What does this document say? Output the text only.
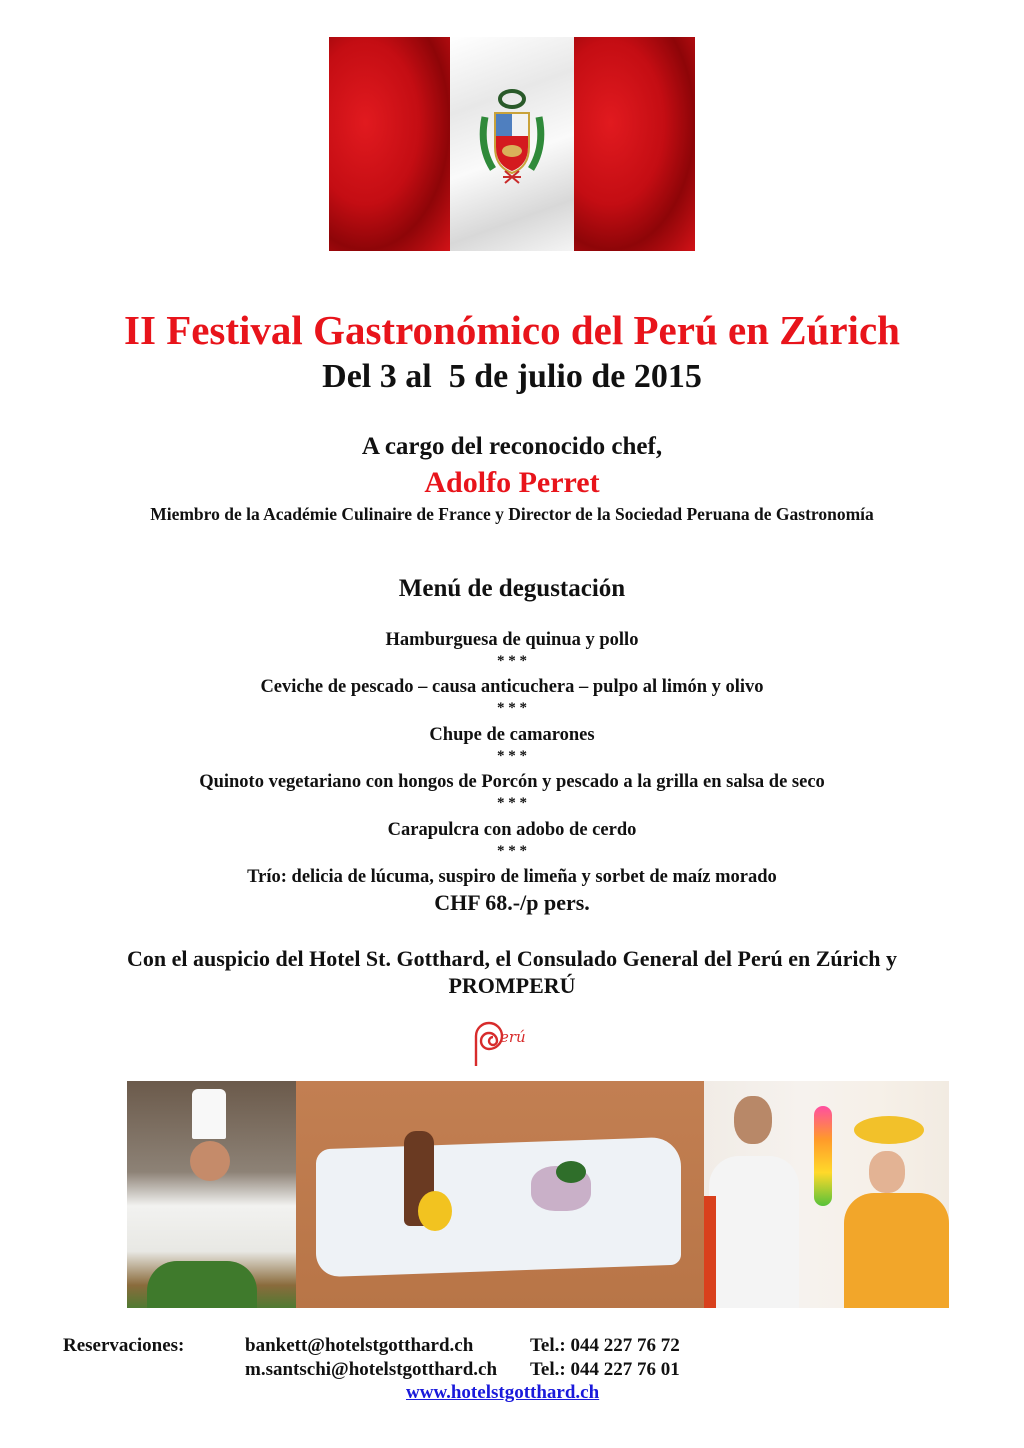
II Festival Gastronómico del Perú en Zúrich
Del 3 al  5 de julio de 2015
A cargo del reconocido chef,
Adolfo Perret
Miembro de la Académie Culinaire de France y Director de la Sociedad Peruana de Gastronomía
Menú de degustación
Hamburguesa de quinua y pollo
* * *
Ceviche de pescado – causa anticuchera – pulpo al limón y olivo
* * *
Chupe de camarones
* * *
Quinoto vegetariano con hongos de Porcón y pescado a la grilla en salsa de seco
* * *
Carapulcra con adobo de cerdo
* * *
Trío: delicia de lúcuma, suspiro de limeña y sorbet de maíz morado
CHF 68.-/p pers.
Con el auspicio del Hotel St. Gotthard, el Consulado General del Perú en Zúrich y
PROMPERÚ
erú
Reservaciones:	bankett@hotelstgotthard.ch	Tel.: 044 227 76 72
m.santschi@hotelstgotthard.ch Tel.: 044 227 76 01
www.hotelstgotthard.ch
